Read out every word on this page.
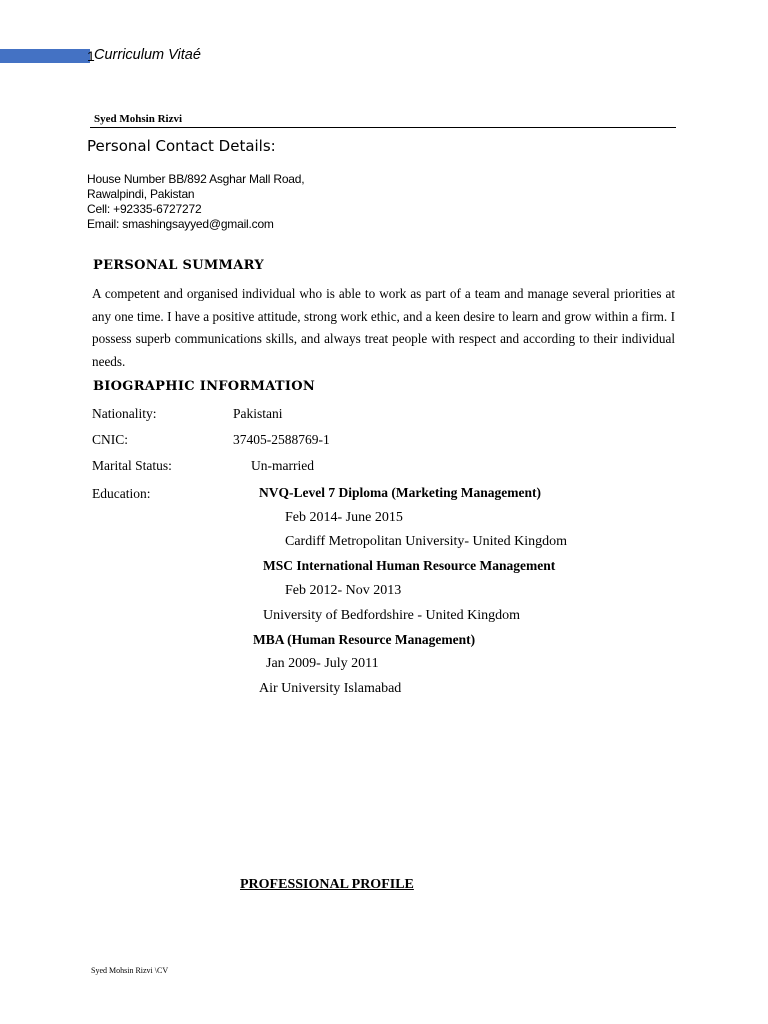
1 Curriculum Vitaé
Syed Mohsin Rizvi
Personal Contact Details:
House Number BB/892 Asghar Mall Road,
Rawalpindi, Pakistan
Cell: +92335-6727272
Email: smashingsayyed@gmail.com
PERSONAL SUMMARY
A competent and organised individual who is able to work as part of a team and manage several priorities at any one time. I have a positive attitude, strong work ethic, and a keen desire to learn and grow within a firm. I possess superb communications skills, and always treat people with respect and according to their individual needs.
BIOGRAPHIC INFORMATION
Nationality:	Pakistani
CNIC:	37405-2588769-1
Marital Status:	Un-married
Education:	NVQ-Level 7 Diploma (Marketing Management)
Feb 2014- June 2015
Cardiff Metropolitan University- United Kingdom
MSC International Human Resource Management
Feb 2012- Nov 2013
University of Bedfordshire - United Kingdom
MBA (Human Resource Management)
Jan 2009- July 2011
Air University Islamabad
PROFESSIONAL PROFILE
Syed Mohsin Rizvi \CV
